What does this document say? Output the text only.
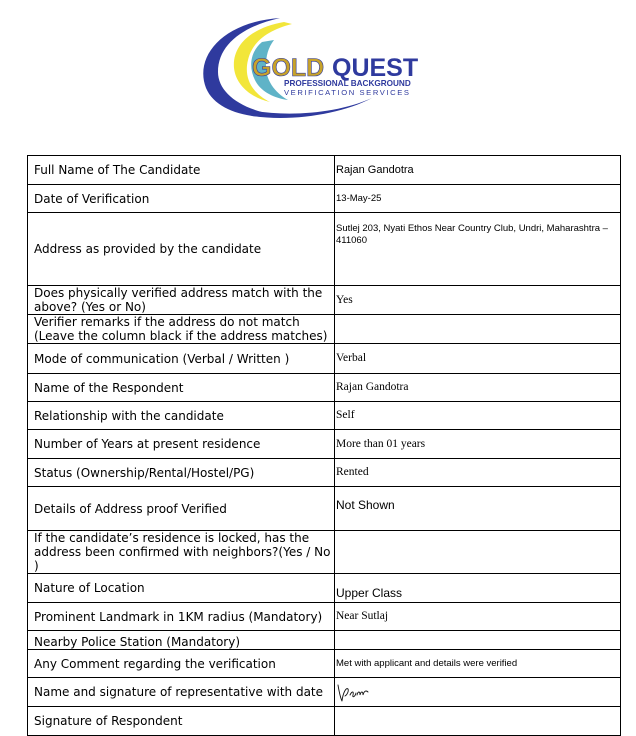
GOLD QUEST
PROFESSIONAL BACKGROUND
VERIFICATION SERVICES
Full Name of The Candidate	Rajan Gandotra
Date of Verification	13-May-25
Address as provided by the candidate	Sutlej 203, Nyati Ethos Near Country Club, Undri, Maharashtra – 411060
Does physically verified address match with the above? (Yes or No)	Yes
Verifier remarks if the address do not match (Leave the column black if the address matches)	
Mode of communication (Verbal / Written )	Verbal
Name of the Respondent	Rajan Gandotra
Relationship with the candidate	Self
Number of Years at present residence	More than 01 years
Status (Ownership/Rental/Hostel/PG)	Rented
Details of Address proof Verified	Not Shown
If the candidate’s residence is locked, has the address been confirmed with neighbors?(Yes / No )	
Nature of Location	Upper Class
Prominent Landmark in 1KM radius (Mandatory)	Near Sutlaj
Nearby Police Station (Mandatory)	
Any Comment regarding the verification	Met with applicant and details were verified
Name and signature of representative with date	

Signature of Respondent	
